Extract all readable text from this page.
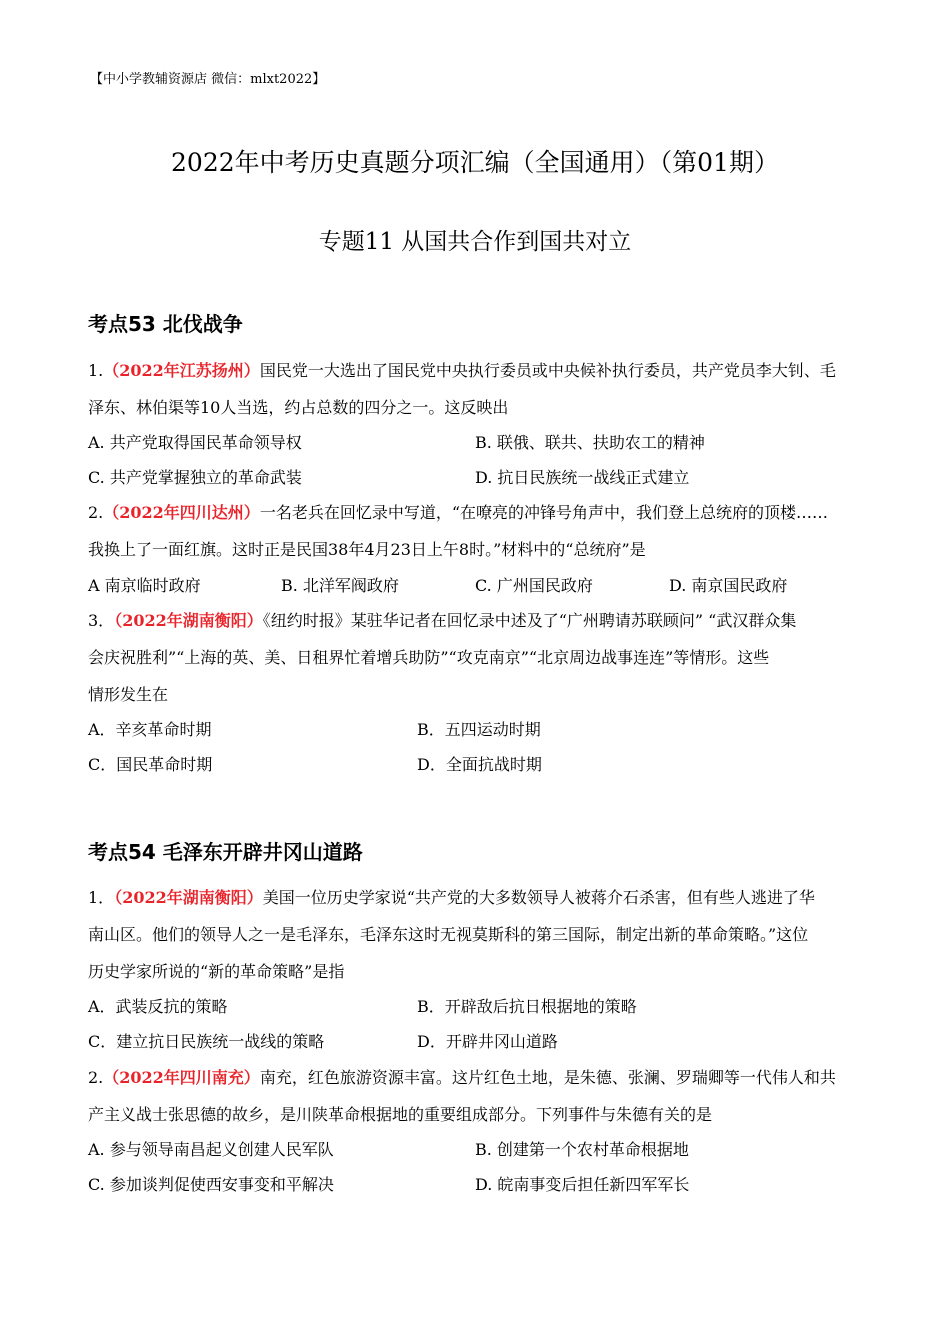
【中小学教辅资源店 微信：mlxt2022】
2022年中考历史真题分项汇编（全国通用）（第01期）
专题11 从国共合作到国共对立
考点53 北伐战争
1.（2022年江苏扬州）国民党一大选出了国民党中央执行委员或中央候补执行委员，共产党员李大钊、毛
泽东、林伯渠等10人当选，约占总数的四分之一。这反映出
A. 共产党取得国民革命领导权	B. 联俄、联共、扶助农工的精神
C. 共产党掌握独立的革命武装	D. 抗日民族统一战线正式建立
2.（2022年四川达州）一名老兵在回忆录中写道，“在嘹亮的冲锋号角声中，我们登上总统府的顶楼……
我换上了一面红旗。这时正是民国38年4月23日上午8时。”材料中的“总统府”是
A 南京临时政府	B. 北洋军阀政府	C. 广州国民政府	D. 南京国民政府
3．（2022年湖南衡阳）《纽约时报》某驻华记者在回忆录中述及了“广州聘请苏联顾问” “武汉群众集
会庆祝胜利”“上海的英、美、日租界忙着增兵助防”“攻克南京”“北京周边战事连连”等情形。这些
情形发生在
A．辛亥革命时期	B．五四运动时期
C．国民革命时期	D．全面抗战时期
考点54 毛泽东开辟井冈山道路
1．（2022年湖南衡阳）美国一位历史学家说“共产党的大多数领导人被蒋介石杀害，但有些人逃进了华
南山区。他们的领导人之一是毛泽东，毛泽东这时无视莫斯科的第三国际，制定出新的革命策略。”这位
历史学家所说的“新的革命策略”是指
A．武装反抗的策略	B．开辟敌后抗日根据地的策略
C．建立抗日民族统一战线的策略	D．开辟井冈山道路
2.（2022年四川南充）南充，红色旅游资源丰富。这片红色土地，是朱德、张澜、罗瑞卿等一代伟人和共
产主义战士张思德的故乡，是川陕革命根据地的重要组成部分。下列事件与朱德有关的是
A. 参与领导南昌起义创建人民军队	B. 创建第一个农村革命根据地
C. 参加谈判促使西安事变和平解决	D. 皖南事变后担任新四军军长
